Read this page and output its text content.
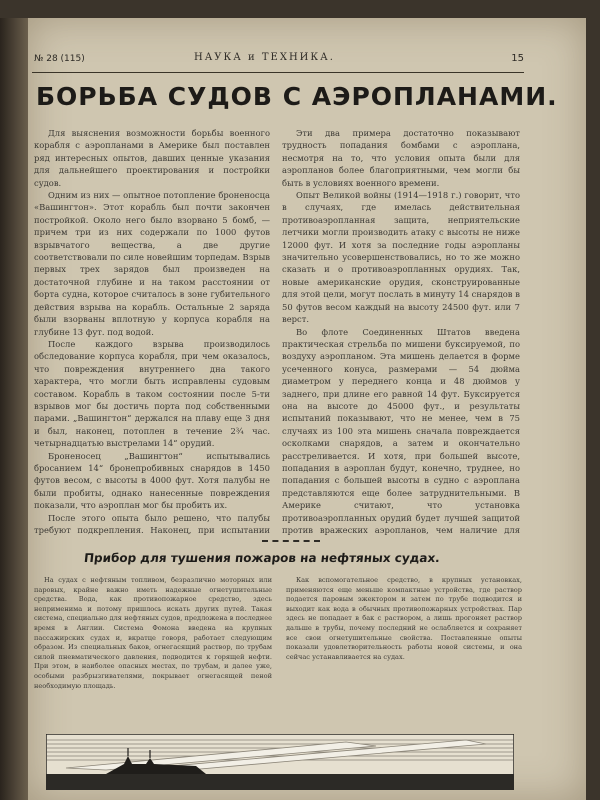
№ 28 (115)	НАУКА и ТЕХНИКА.	15
БОРЬБА СУДОВ С АЭРОПЛАНАМИ.

Для выяснения возможности борьбы военного корабля с аэропланами в Америке был поставлен ряд интересных опытов, давших ценные указания для дальнейшего проектирования и постройки судов.

Одним из них — опытное потопление броненосца «Вашингтон». Этот корабль был почти закончен постройкой. Около него было взорвано 5 бомб, — причем три из них содержали по 1000 футов взрывчатого вещества, а две другие соответствовали по силе новейшим торпедам. Взрыв первых трех зарядов был произведен на достаточной глубине и на таком расстоянии от борта судна, которое считалось в зоне губительного действия взрыва на корабль. Остальные 2 заряда были взорваны вплотную у корпуса корабля на глубине 13 фут. под водой.

После каждого взрыва производилось обследование корпуса корабля, при чем оказалось, что повреждения внутреннего дна такого характера, что могли быть исправлены судовым составом. Корабль в таком состоянии после 5-ти взрывов мог бы достичь порта под собственными парами. „Вашингтон“ держался на плаву еще 3 дня и был, наконец, потоплен в течение 2¾ час. четырнадцатью выстрелами 14“ орудий.

Броненосец „Вашингтон“ испытывались бросанием 14“ бронепробивных снарядов в 1450 футов весом, с высоты в 4000 фут. Хотя палубы не были пробиты, однако нанесенные повреждения показали, что аэроплан мог бы пробить их.

После этого опыта было решено, что палубы требуют подкрепления. Наконец, при испытании

Эти два примера достаточно показывают трудность попадания бомбами с аэроплана, несмотря на то, что условия опыта были для аэропланов более благоприятными, чем могли бы быть в условиях военного времени.

Опыт Великой войны (1914—1918 г.) говорит, что в случаях, где имелась действительная противоаэропланная защита, неприятельские летчики могли производить атаку с высоты не ниже 12000 фут. И хотя за последние годы аэропланы значительно усовершенствовались, но то же можно сказать и о противоаэропланных орудиях. Так, новые американские орудия, сконструированные для этой цели, могут послать в минуту 14 снарядов в 50 футов весом каждый на высоту 24500 фут. или 7 верст.

Во флоте Соединенных Штатов введена практическая стрельба по мишени буксируемой, по воздуху аэропланом. Эта мишень делается в форме усеченного конуса, размерами — 54 дюйма диаметром у переднего конца и 48 дюймов у заднего, при длине его равной 14 фут. Буксируется она на высоте до 45000 фут., и результаты испытаний показывают, что не менее, чем в 75 случаях из 100 эта мишень сначала повреждается осколками снарядов, а затем и окончательно расстреливается. И хотя, при большей высоте, попадания в аэроплан будут, конечно, труднее, но попадания с большей высоты в судно с аэроплана представляются еще более затруднительными. В Америке считают, что установка противоаэропланных орудий будет лучшей защитой против вражеских аэропланов, чем наличие для

Прибор для тушения пожаров на нефтяных судах.

На судах с нефтяным топливом, безразлично моторных или паровых, крайне важно иметь надежные огнетушительные средства. Вода, как противопожарное средство, здесь неприменима и потому пришлось искать других путей. Такая система, специально для нефтяных судов, предложена в последнее время в Англии. Система Фомона введена на крупных пассажирских судах и, вкратце говоря, работает следующим образом. Из специальных баков, огнегасящий раствор, по трубам силой пневматического давления, подводится к горящей нефти. При этом, в наиболее опасных местах, по трубам, и далее уже, особыми разбрызгивателями, покрывает огнегасящей пеной необходимую площадь.

Как вспомогательное средство, в крупных установках, применяются еще меньше компактные устройства, где раствор подается паровым эжектором и затем по трубе подводится и выходит как вода в обычных противопожарных устройствах. Пар здесь не попадает в бак с раствором, а лишь прогоняет раствор дальше в трубы, почему последний не ослабляется и сохраняет все свои огнетушительные свойства. Поставленные опыты показали удовлетворительность работы новой системы, и она сейчас устанавливается на судах.
